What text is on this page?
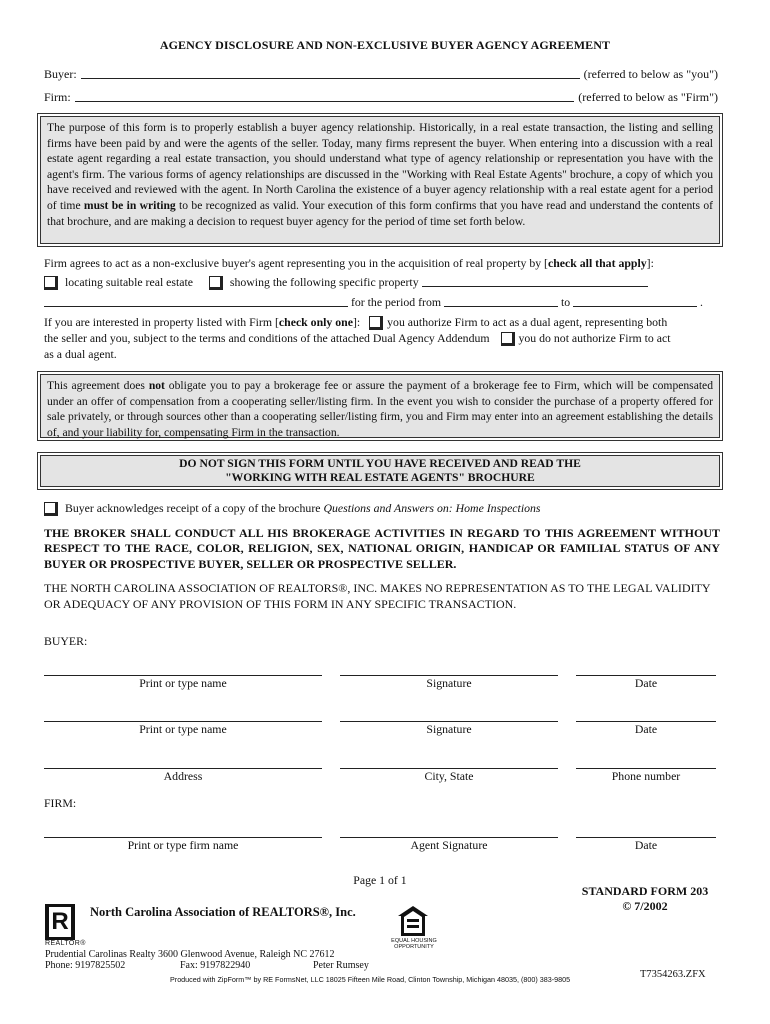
AGENCY DISCLOSURE AND NON-EXCLUSIVE BUYER AGENCY AGREEMENT
Buyer:	(referred to below as "you")
Firm:	(referred to below as "Firm")
The purpose of this form is to properly establish a buyer agency relationship. Historically, in a real estate transaction, the listing and selling firms have been paid by and were the agents of the seller. Today, many firms represent the buyer. When entering into a discussion with a real estate agent regarding a real estate transaction, you should understand what type of agency relationship or representation you have with the agent's firm. The various forms of agency relationships are discussed in the "Working with Real Estate Agents" brochure, a copy of which you have received and reviewed with the agent. In North Carolina the existence of a buyer agency relationship with a real estate agent for a period of time must be in writing to be recognized as valid. Your execution of this form confirms that you have read and understand the contents of that brochure, and are making a decision to request buyer agency for the period of time set forth below.
Firm agrees to act as a non-exclusive buyer's agent representing you in the acquisition of real property by [check all that apply]:
locating suitable real estate	showing the following specific property
for the period from	to	.
If you are interested in property listed with Firm [check only one]: you authorize Firm to act as a dual agent, representing both
the seller and you, subject to the terms and conditions of the attached Dual Agency Addendum you do not authorize Firm to act
as a dual agent.
This agreement does not obligate you to pay a brokerage fee or assure the payment of a brokerage fee to Firm, which will be compensated under an offer of compensation from a cooperating seller/listing firm. In the event you wish to consider the purchase of a property offered for sale privately, or through sources other than a cooperating seller/listing firm, you and Firm may enter into an agreement establishing the details of, and your liability for, compensating Firm in the transaction.
DO NOT SIGN THIS FORM UNTIL YOU HAVE RECEIVED AND READ THE
"WORKING WITH REAL ESTATE AGENTS" BROCHURE
Buyer acknowledges receipt of a copy of the brochure Questions and Answers on: Home Inspections
THE BROKER SHALL CONDUCT ALL HIS BROKERAGE ACTIVITIES IN REGARD TO THIS AGREEMENT WITHOUT RESPECT TO THE RACE, COLOR, RELIGION, SEX, NATIONAL ORIGIN, HANDICAP OR FAMILIAL STATUS OF ANY BUYER OR PROSPECTIVE BUYER, SELLER OR PROSPECTIVE SELLER.
THE NORTH CAROLINA ASSOCIATION OF REALTORS®, INC. MAKES NO REPRESENTATION AS TO THE LEGAL VALIDITY OR ADEQUACY OF ANY PROVISION OF THIS FORM IN ANY SPECIFIC TRANSACTION.
BUYER:
Print or type name	Signature	Date
Print or type name	Signature	Date
Address	City, State	Phone number
FIRM:
Print or type firm name	Agent Signature	Date
Page 1 of 1
STANDARD FORM 203
© 7/2002
R
REALTOR®
North Carolina Association of REALTORS®, Inc.
EQUAL HOUSING
OPPORTUNITY
Prudential Carolinas Realty 3600 Glenwood Avenue, Raleigh NC 27612
Phone: 9197825502	Fax: 9197822940	Peter Rumsey
Produced with ZipForm™ by RE FormsNet, LLC 18025 Fifteen Mile Road, Clinton Township, Michigan 48035, (800) 383-9805	T7354263.ZFX
